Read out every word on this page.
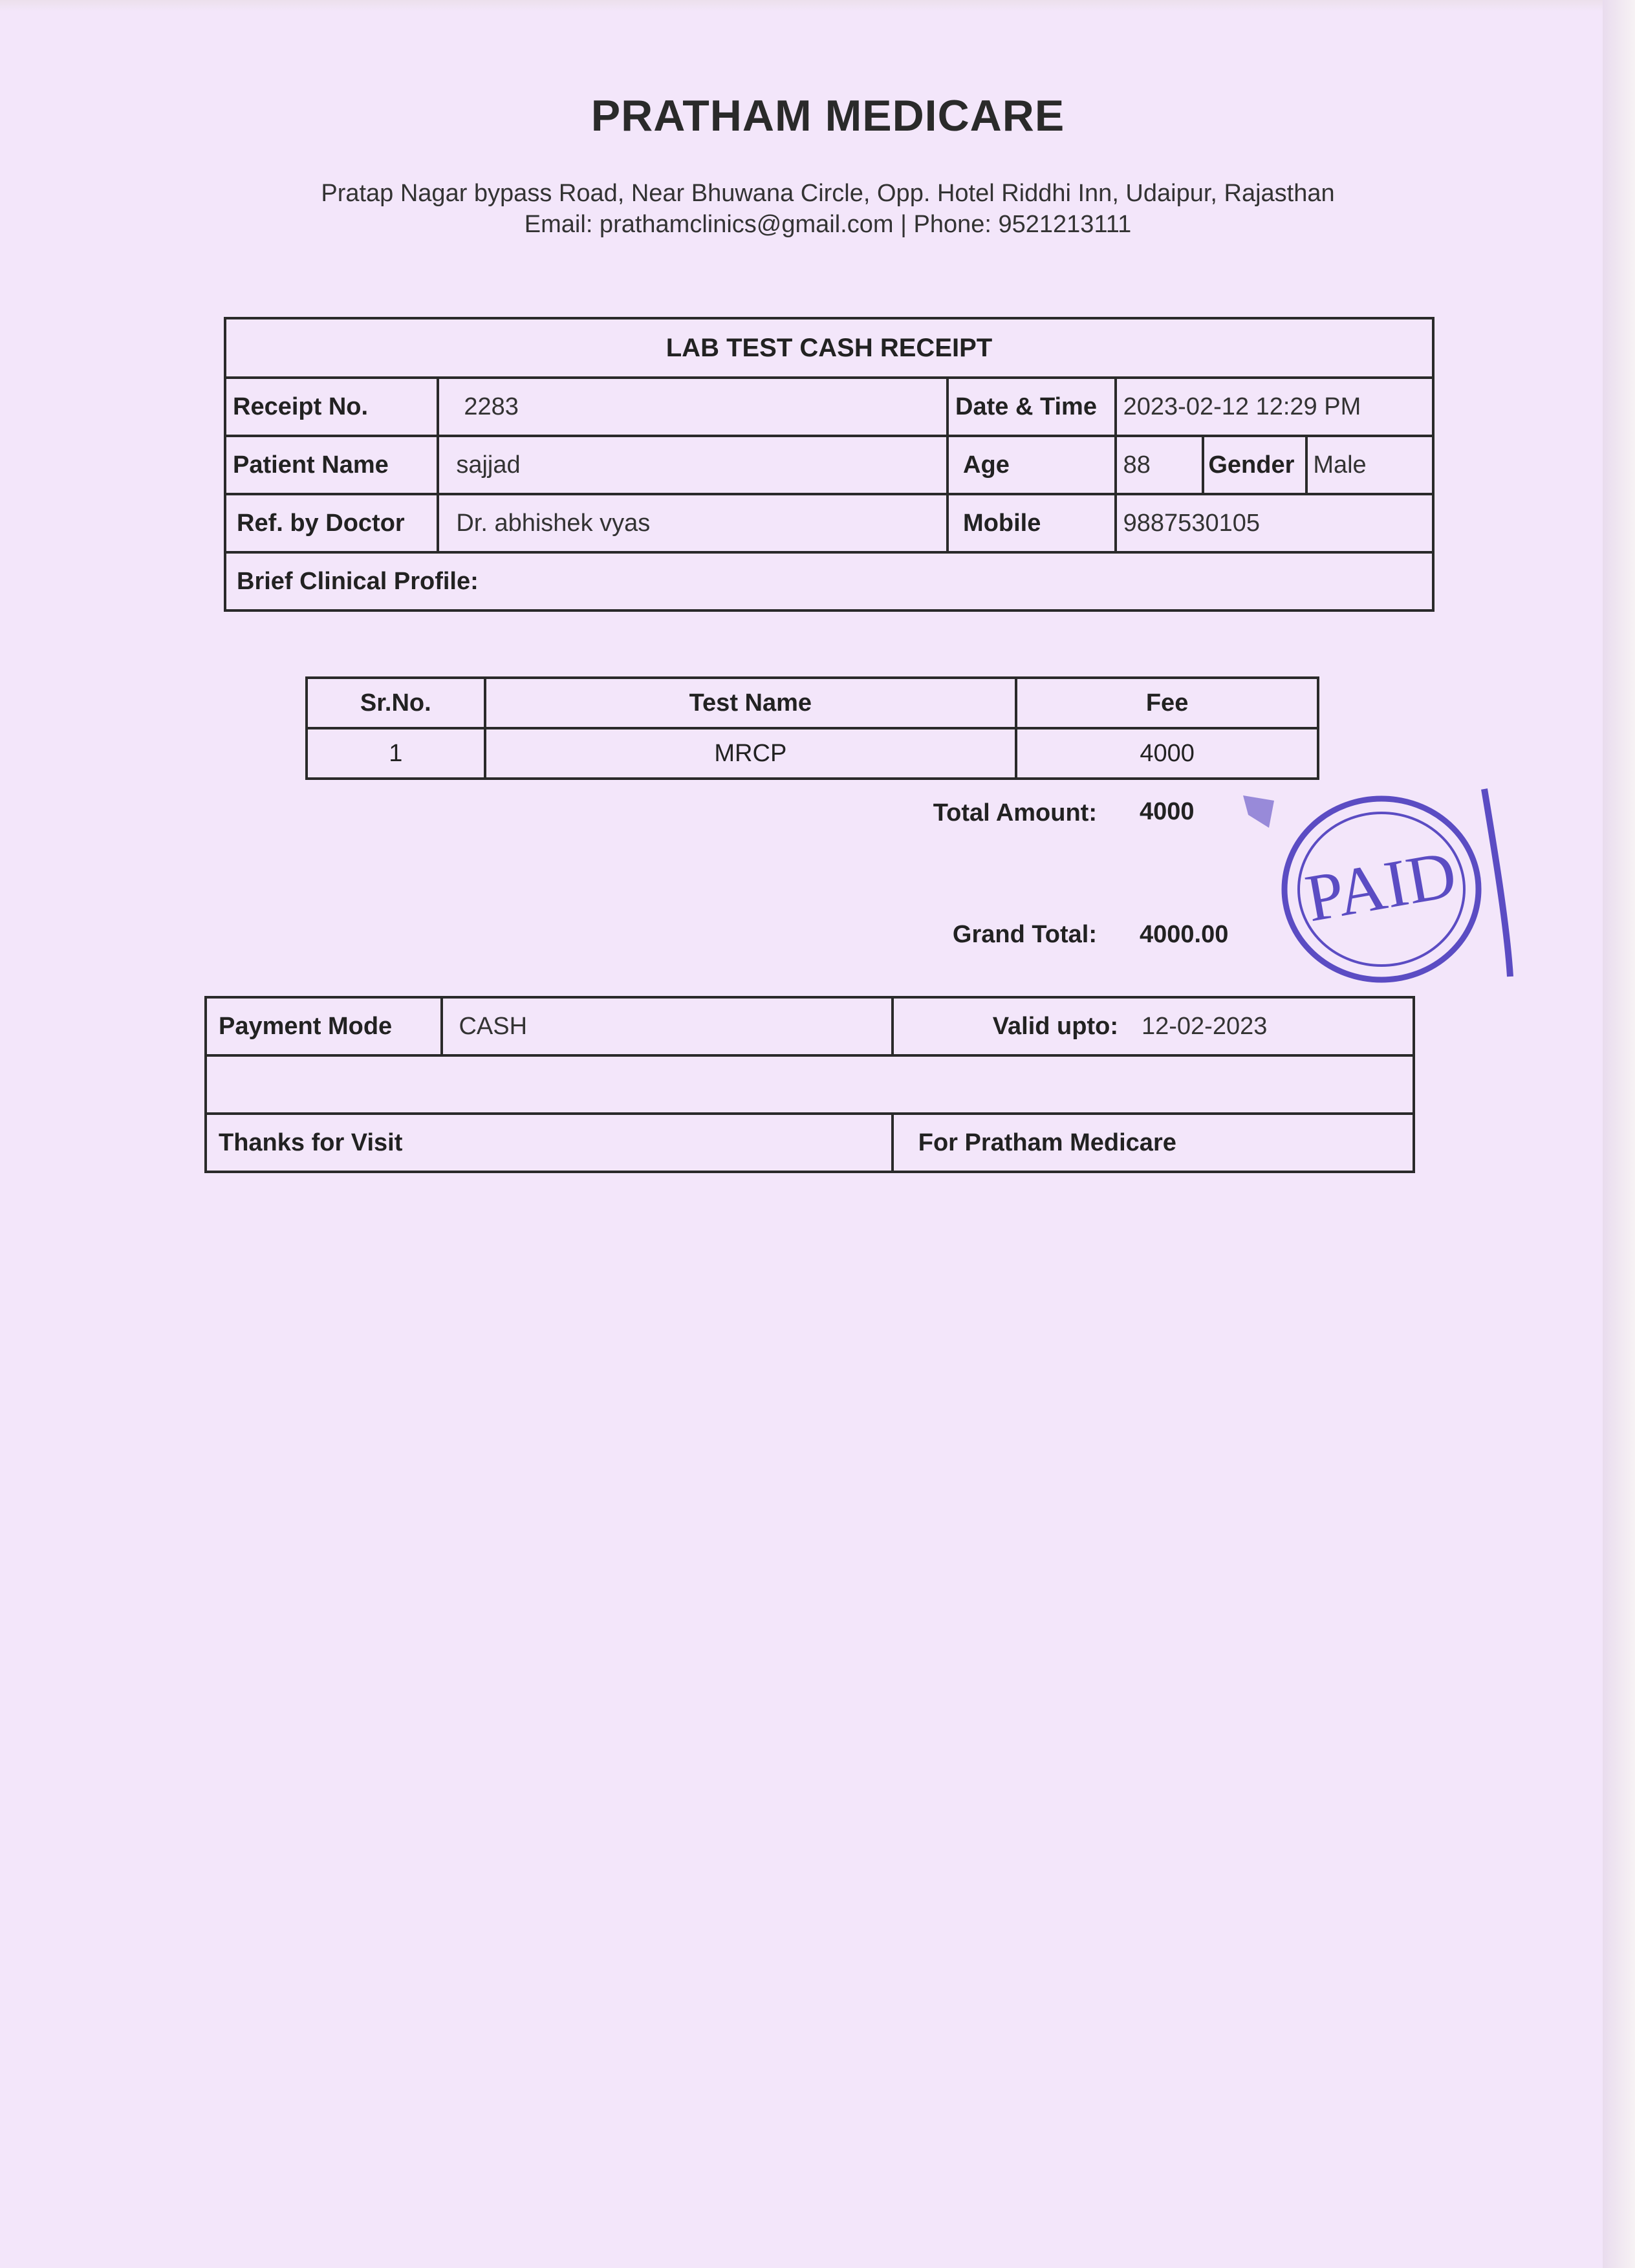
PRATHAM MEDICARE
Pratap Nagar bypass Road, Near Bhuwana Circle, Opp. Hotel Riddhi Inn, Udaipur, Rajasthan
Email: prathamclinics@gmail.com | Phone: 9521213111
LAB TEST CASH RECEIPT					
Receipt No.	2283	Date & Time	2023-02-12 12:29 PM		
Patient Name	sajjad	Age	88	Gender	Male
Ref. by Doctor	Dr. abhishek vyas	Mobile	9887530105		
Brief Clinical Profile:					
Sr.No.	Test Name	Fee
1	MRCP	4000
Total Amount: 4000
Grand Total: 4000.00
Payment Mode	CASH	Valid upto:	12-02-2023

Thanks for Visit		For Pratham Medicare	
PAID
